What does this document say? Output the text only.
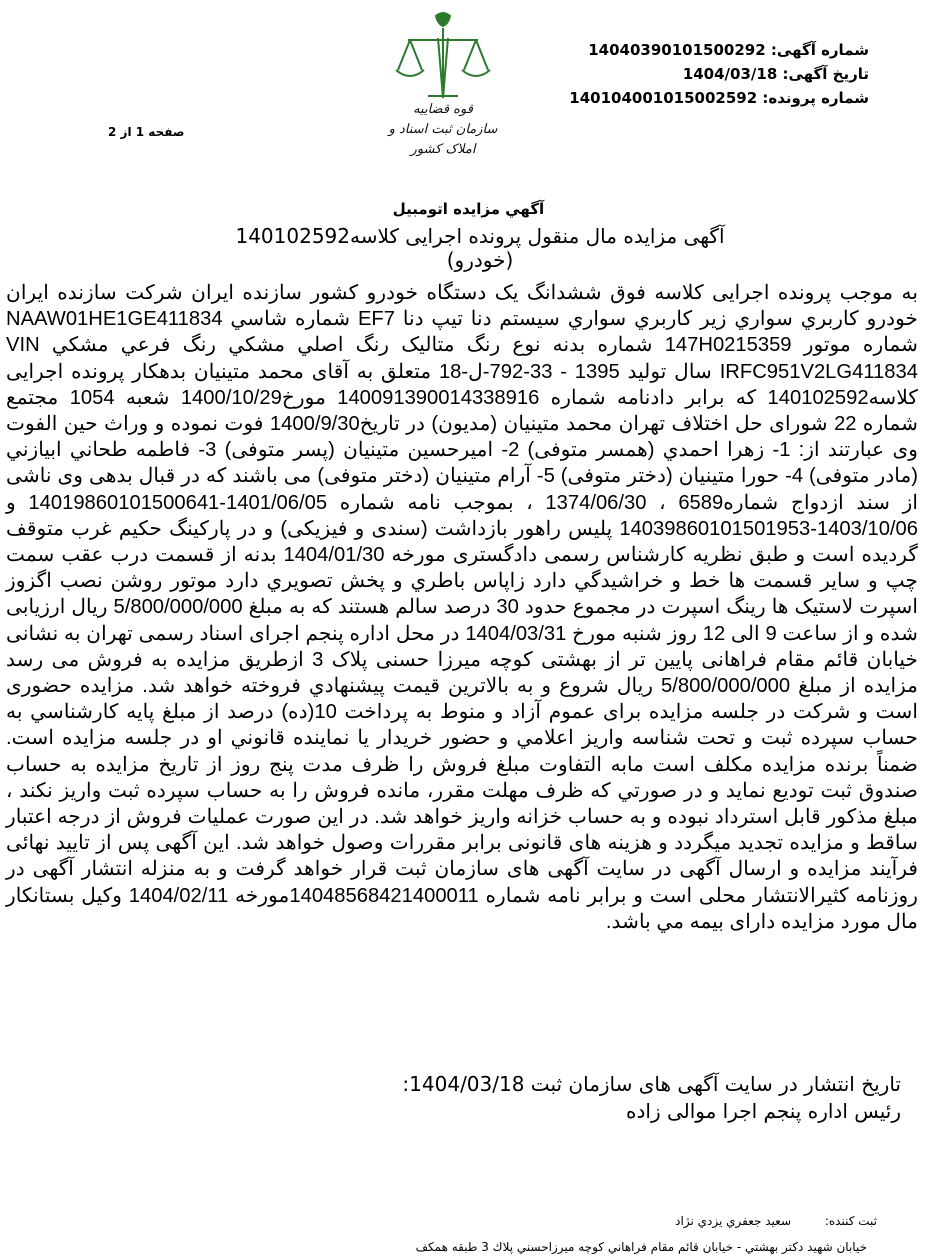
شماره آگهی: 14040390101500292
تاریخ آگهی: 1404/03/18
شماره پرونده: 140104001015002592
قوه قضاییه
سازمان ثبت اسناد و املاک کشور
صفحه 1 از 2
آگهي مزايده اتومبيل
آگهی مزایده مال منقول پرونده اجرایی کلاسه140102592 (خودرو)
به موجب پرونده اجرایی کلاسه فوق ششدانگ یک دستگاه خودرو کشور سازنده ایران شرکت سازنده ایران خودرو کاربري سواري زير كاربري سواري سيستم دنا تيپ دنا EF7 شماره شاسي NAAW01HE1GE411834 شماره موتور 147H0215359 شماره بدنه نوع رنگ متاليک رنگ اصلي مشکي رنگ فرعي مشکي VIN IRFC951V2LG411834 سال تولید 1395 - 33-792-ل-18 متعلق به آقای محمد متینیان بدهکار پرونده اجرایی کلاسه140102592 که برابر دادنامه شماره 140091390014338916 مورخ1400/10/29 شعبه 1054 مجتمع شماره 22 شورای حل اختلاف تهران محمد متینیان (مدیون) در تاریخ1400/9/30 فوت نموده و وراث حین الفوت وی عبارتند از: 1- زهرا احمدي (همسر متوفی) 2- امیرحسین متینیان (پسر متوفی) 3- فاطمه طحاني ابيازني (مادر متوفی) 4- حورا متینیان (دختر متوفی) 5- آرام متینیان (دختر متوفی) می باشند که در قبال بدهی وی ناشی از سند ازدواج شماره6589 ، 1374/06/30 ، بموجب نامه شماره 1401/06/05-14019860101500641 و 1403/10/06-14039860101501953 پلیس راهور بازداشت (سندی و فیزیکی) و در پارکینگ حکیم غرب متوقف گردیده است و طبق نظریه کارشناس رسمی دادگستری مورخه 1404/01/30 بدنه از قسمت درب عقب سمت چپ و سایر قسمت ها خط و خراشیدگي دارد زاپاس باطري و پخش تصويري دارد موتور روشن نصب اگزوز اسپرت لاستيک ها رينگ اسپرت در مجموع حدود 30 درصد سالم هستند که به مبلغ 5/800/000/000 ريال ارزيابی شده و از ساعت 9 الی 12 روز شنبه مورخ 1404/03/31 در محل اداره پنجم اجرای اسناد رسمی تهران به نشانی خیابان قائم مقام فراهانی پایین تر از بهشتی کوچه میرزا حسنی پلاک 3 ازطریق مزایده به فروش می رسد مزایده از مبلغ 5/800/000/000 ريال شروع و به بالاترين قيمت پيشنهادي فروخته خواهد شد. مزايده حضوری است و شرکت در جلسه مزايده برای عموم آزاد و منوط به پرداخت 10(ده) درصد از مبلغ پایه کارشناسي به حساب سپرده ثبت و تحت شناسه واریز اعلامي و حضور خريدار یا نماينده قانوني او در جلسه مزايده است. ضمناً برنده مزايده مکلف است مابه التفاوت مبلغ فروش را ظرف مدت پنج روز از تاريخ مزايده به حساب صندوق ثبت توديع نمايد و در صورتي که ظرف مهلت مقرر، مانده فروش را به حساب سپرده ثبت واريز نکند ، مبلغ مذکور قابل استرداد نبوده و به حساب خزانه واريز خواهد شد. در اين صورت عمليات فروش از درجه اعتبار ساقط و مزايده تجديد ميگردد و هزينه های قانونی برابر مقررات وصول خواهد شد. این آگهی پس از تایید نهائی فرآیند مزایده و ارسال آگهی در سایت آگهی های سازمان ثبت قرار خواهد گرفت و به منزله انتشار آگهی در روزنامه کثیرالانتشار محلی است و برابر نامه شماره 14048568421400011مورخه 1404/02/11 وکیل بستانکار مال مورد مزايده دارای بيمه مي باشد.
تاريخ انتشار در سایت آگهی های سازمان ثبت 1404/03/18:
رئیس اداره پنجم اجرا موالی زاده
ثبت كننده: سعيد جعفري يزدي نژاد
خيابان شهيد دكتر بهشتي - خيابان قائم مقام فراهاني كوچه ميرزاحسني پلاك 3 طبقه همكف
